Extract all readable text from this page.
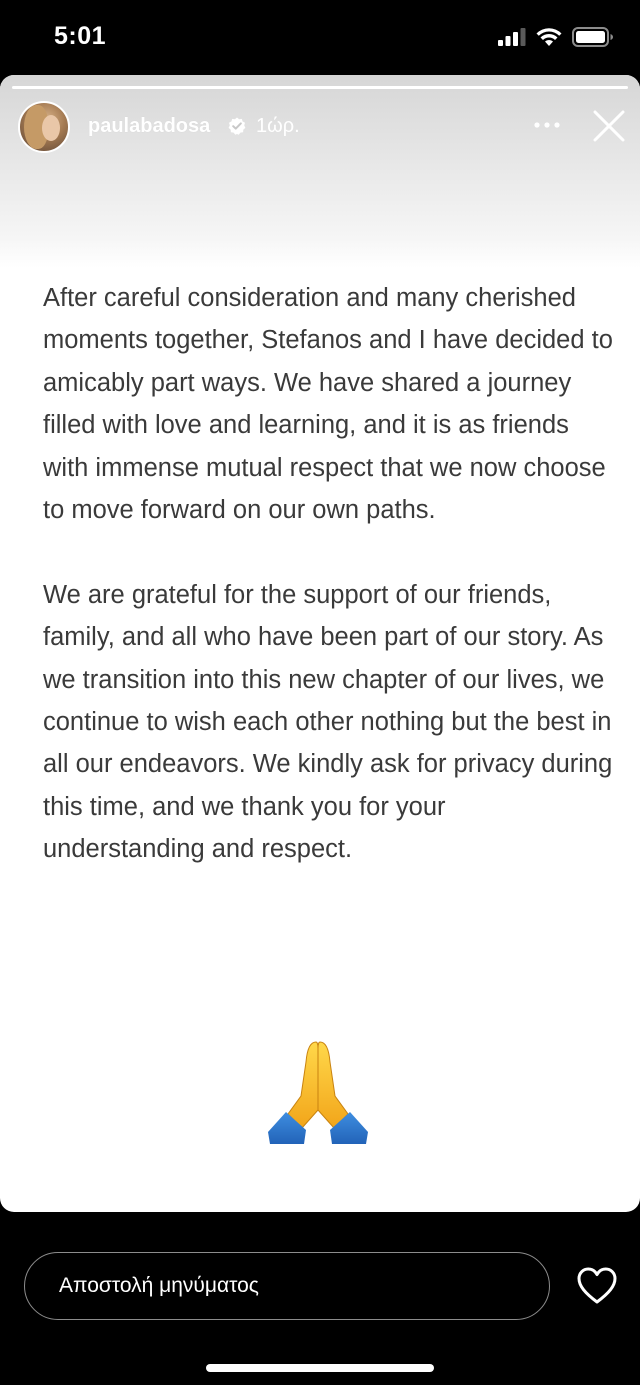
5:01
paulabadosa 1ώρ.

After careful consideration and many cherished moments together, Stefanos and I have decided to amicably part ways. We have shared a journey filled with love and learning, and it is as friends with immense mutual respect that we now choose to move forward on our own paths.

We are grateful for the support of our friends, family, and all who have been part of our story. As we transition into this new chapter of our lives, we continue to wish each other nothing but the best in all our endeavors. We kindly ask for privacy during this time, and we thank you for your understanding and respect.

Αποστολή μηνύματος
